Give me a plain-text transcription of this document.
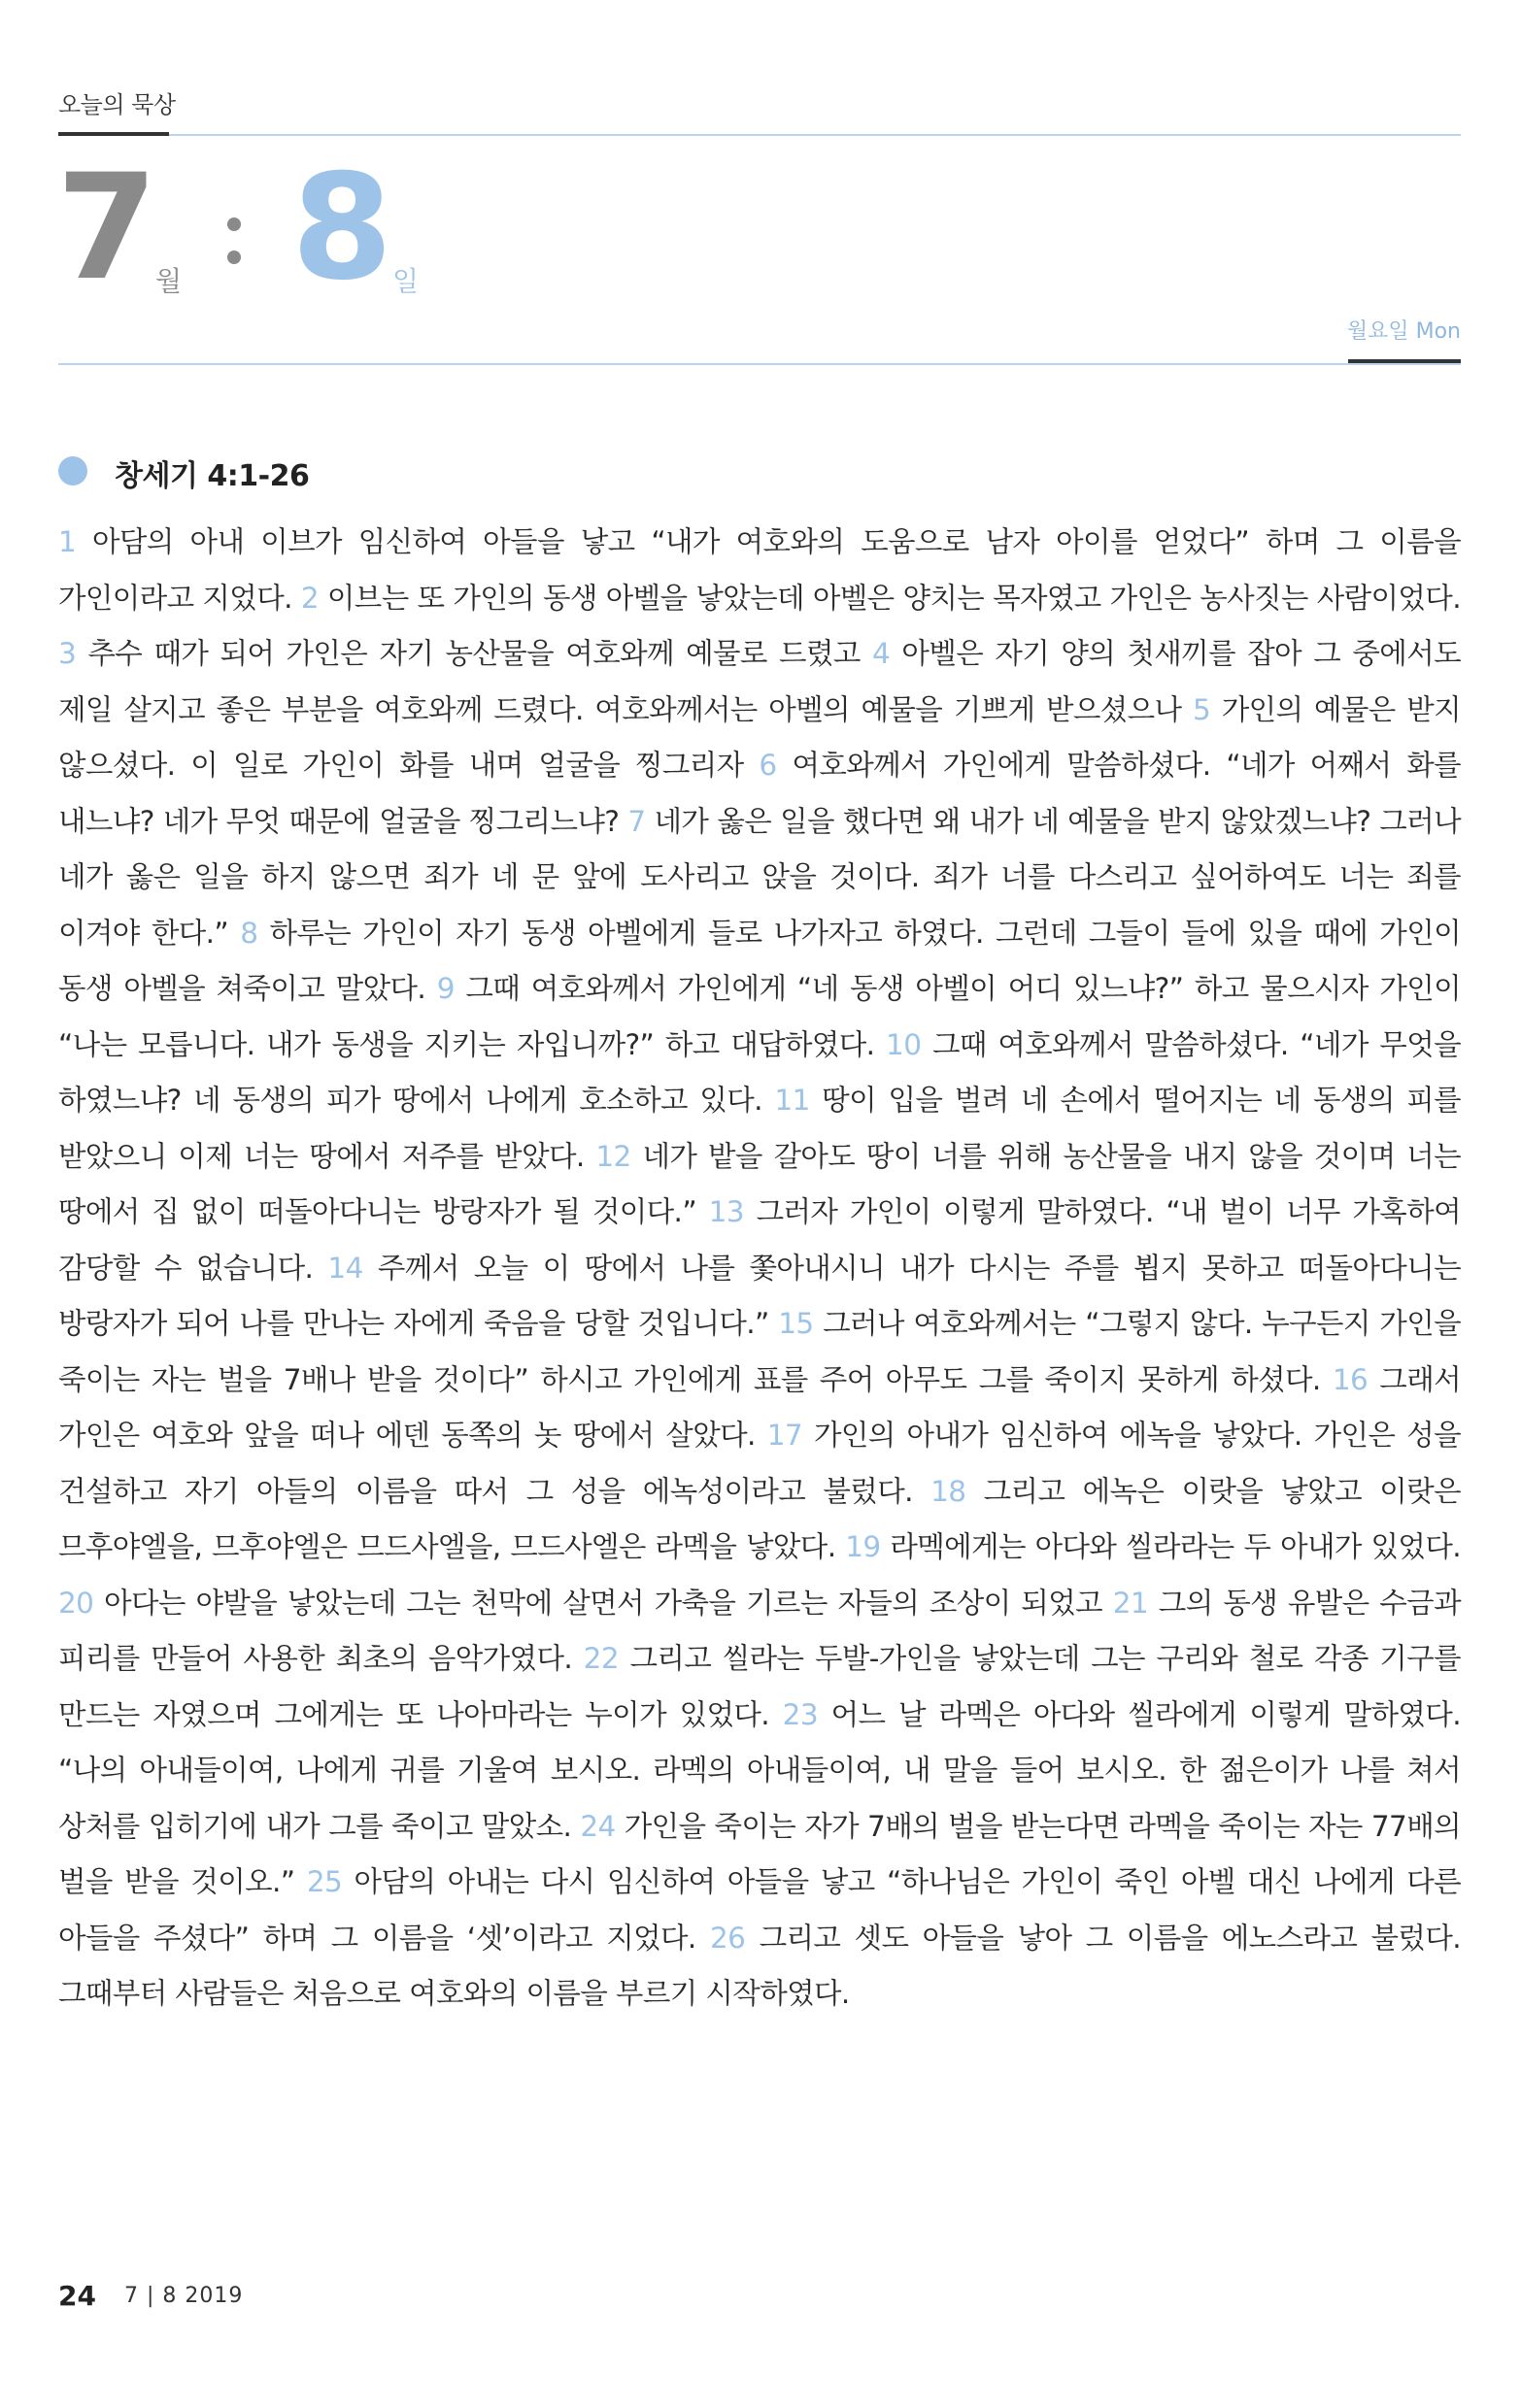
오늘의 묵상
7
월 8 일
월요일 Mon
창세기 4:1-26
1 아담의 아내 이브가 임신하여 아들을 낳고 “내가 여호와의 도움으로 남자 아이를 얻었다” 하며 그 이름을 가인이라고 지었다. 2 이브는 또 가인의 동생 아벨을 낳았는데 아벨은 양치는 목자였고 가인은 농사짓는 사람이었다. 3 추수 때가 되어 가인은 자기 농산물을 여호와께 예물로 드렸고 4 아벨은 자기 양의 첫새끼를 잡아 그 중에서도 제일 살지고 좋은 부분을 여호와께 드렸다. 여호와께서는 아벨의 예물을 기쁘게 받으셨으나 5 가인의 예물은 받지 않으셨다. 이 일로 가인이 화를 내며 얼굴을 찡그리자 6 여호와께서 가인에게 말씀하셨다. “네가 어째서 화를 내느냐? 네가 무엇 때문에 얼굴을 찡그리느냐? 7 네가 옳은 일을 했다면 왜 내가 네 예물을 받지 않았겠느냐? 그러나 네가 옳은 일을 하지 않으면 죄가 네 문 앞에 도사리고 앉을 것이다. 죄가 너를 다스리고 싶어하여도 너는 죄를 이겨야 한다.” 8 하루는 가인이 자기 동생 아벨에게 들로 나가자고 하였다. 그런데 그들이 들에 있을 때에 가인이 동생 아벨을 쳐죽이고 말았다. 9 그때 여호와께서 가인에게 “네 동생 아벨이 어디 있느냐?” 하고 물으시자 가인이 “나는 모릅니다. 내가 동생을 지키는 자입니까?” 하고 대답하였다. 10 그때 여호와께서 말씀하셨다. “네가 무엇을 하였느냐? 네 동생의 피가 땅에서 나에게 호소하고 있다. 11 땅이 입을 벌려 네 손에서 떨어지는 네 동생의 피를 받았으니 이제 너는 땅에서 저주를 받았다. 12 네가 밭을 갈아도 땅이 너를 위해 농산물을 내지 않을 것이며 너는 땅에서 집 없이 떠돌아다니는 방랑자가 될 것이다.” 13 그러자 가인이 이렇게 말하였다. “내 벌이 너무 가혹하여 감당할 수 없습니다. 14 주께서 오늘 이 땅에서 나를 쫓아내시니 내가 다시는 주를 뵙지 못하고 떠돌아다니는 방랑자가 되어 나를 만나는 자에게 죽음을 당할 것입니다.” 15 그러나 여호와께서는 “그렇지 않다. 누구든지 가인을 죽이는 자는 벌을 7배나 받을 것이다” 하시고 가인에게 표를 주어 아무도 그를 죽이지 못하게 하셨다. 16 그래서 가인은 여호와 앞을 떠나 에덴 동쪽의 놋 땅에서 살았다. 17 가인의 아내가 임신하여 에녹을 낳았다. 가인은 성을 건설하고 자기 아들의 이름을 따서 그 성을 에녹성이라고 불렀다. 18 그리고 에녹은 이랏을 낳았고 이랏은 므후야엘을, 므후야엘은 므드사엘을, 므드사엘은 라멕을 낳았다. 19 라멕에게는 아다와 씰라라는 두 아내가 있었다. 20 아다는 야발을 낳았는데 그는 천막에 살면서 가축을 기르는 자들의 조상이 되었고 21 그의 동생 유발은 수금과 피리를 만들어 사용한 최초의 음악가였다. 22 그리고 씰라는 두발-가인을 낳았는데 그는 구리와 철로 각종 기구를 만드는 자였으며 그에게는 또 나아마라는 누이가 있었다. 23 어느 날 라멕은 아다와 씰라에게 이렇게 말하였다. “나의 아내들이여, 나에게 귀를 기울여 보시오. 라멕의 아내들이여, 내 말을 들어 보시오. 한 젊은이가 나를 쳐서 상처를 입히기에 내가 그를 죽이고 말았소. 24 가인을 죽이는 자가 7배의 벌을 받는다면 라멕을 죽이는 자는 77배의 벌을 받을 것이오.” 25 아담의 아내는 다시 임신하여 아들을 낳고 “하나님은 가인이 죽인 아벨 대신 나에게 다른 아들을 주셨다” 하며 그 이름을 ‘셋’이라고 지었다. 26 그리고 셋도 아들을 낳아 그 이름을 에노스라고 불렀다. 그때부터 사람들은 처음으로 여호와의 이름을 부르기 시작하였다.
24 7 | 8 2019
